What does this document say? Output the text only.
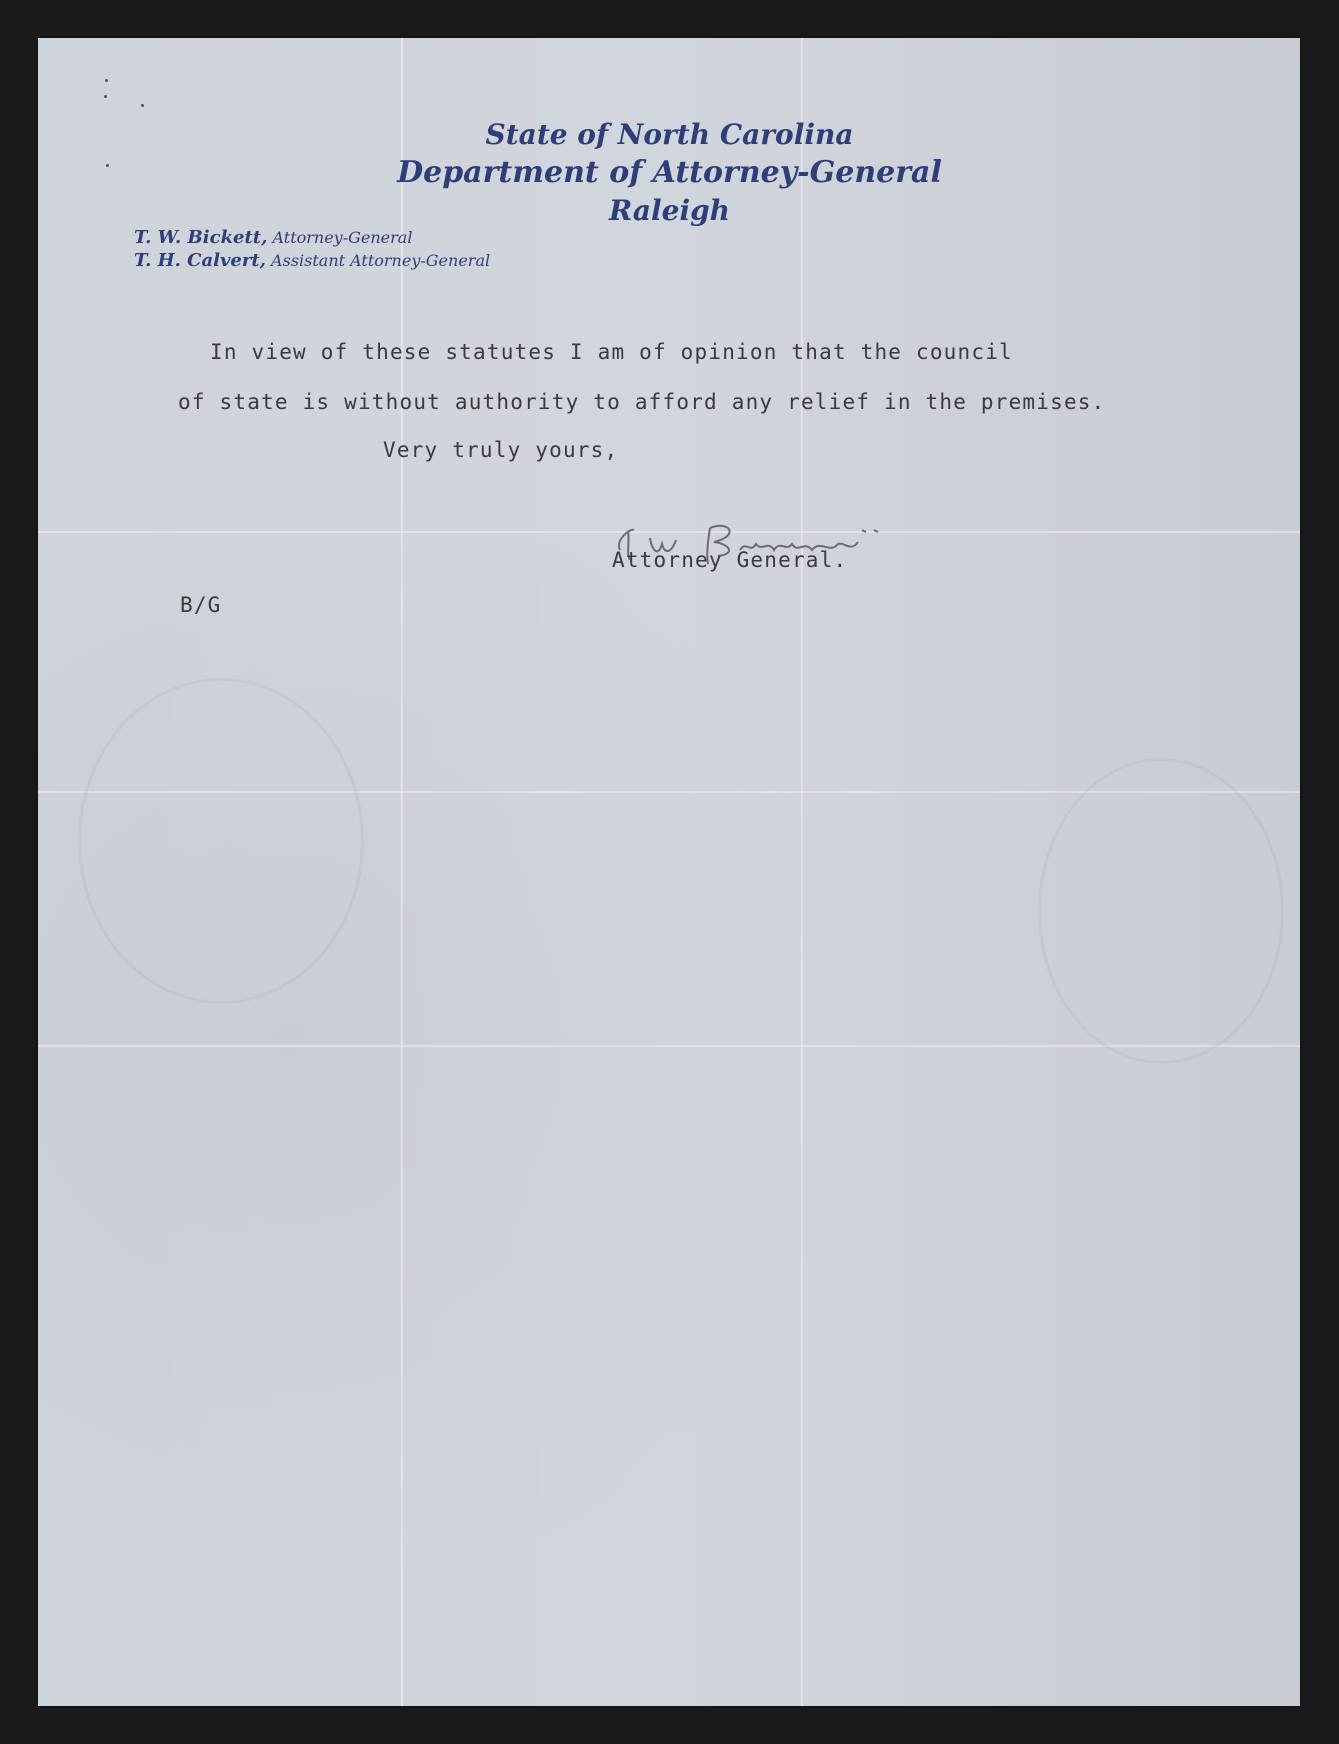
State of North Carolina
Department of Attorney-General
Raleigh
T. W. Bickett, Attorney-General
T. H. Calvert, Assistant Attorney-General
In view of these statutes I am of opinion that the council
of state is without authority to afford any relief in the premises.
Very truly yours,
Attorney General.
B/G
